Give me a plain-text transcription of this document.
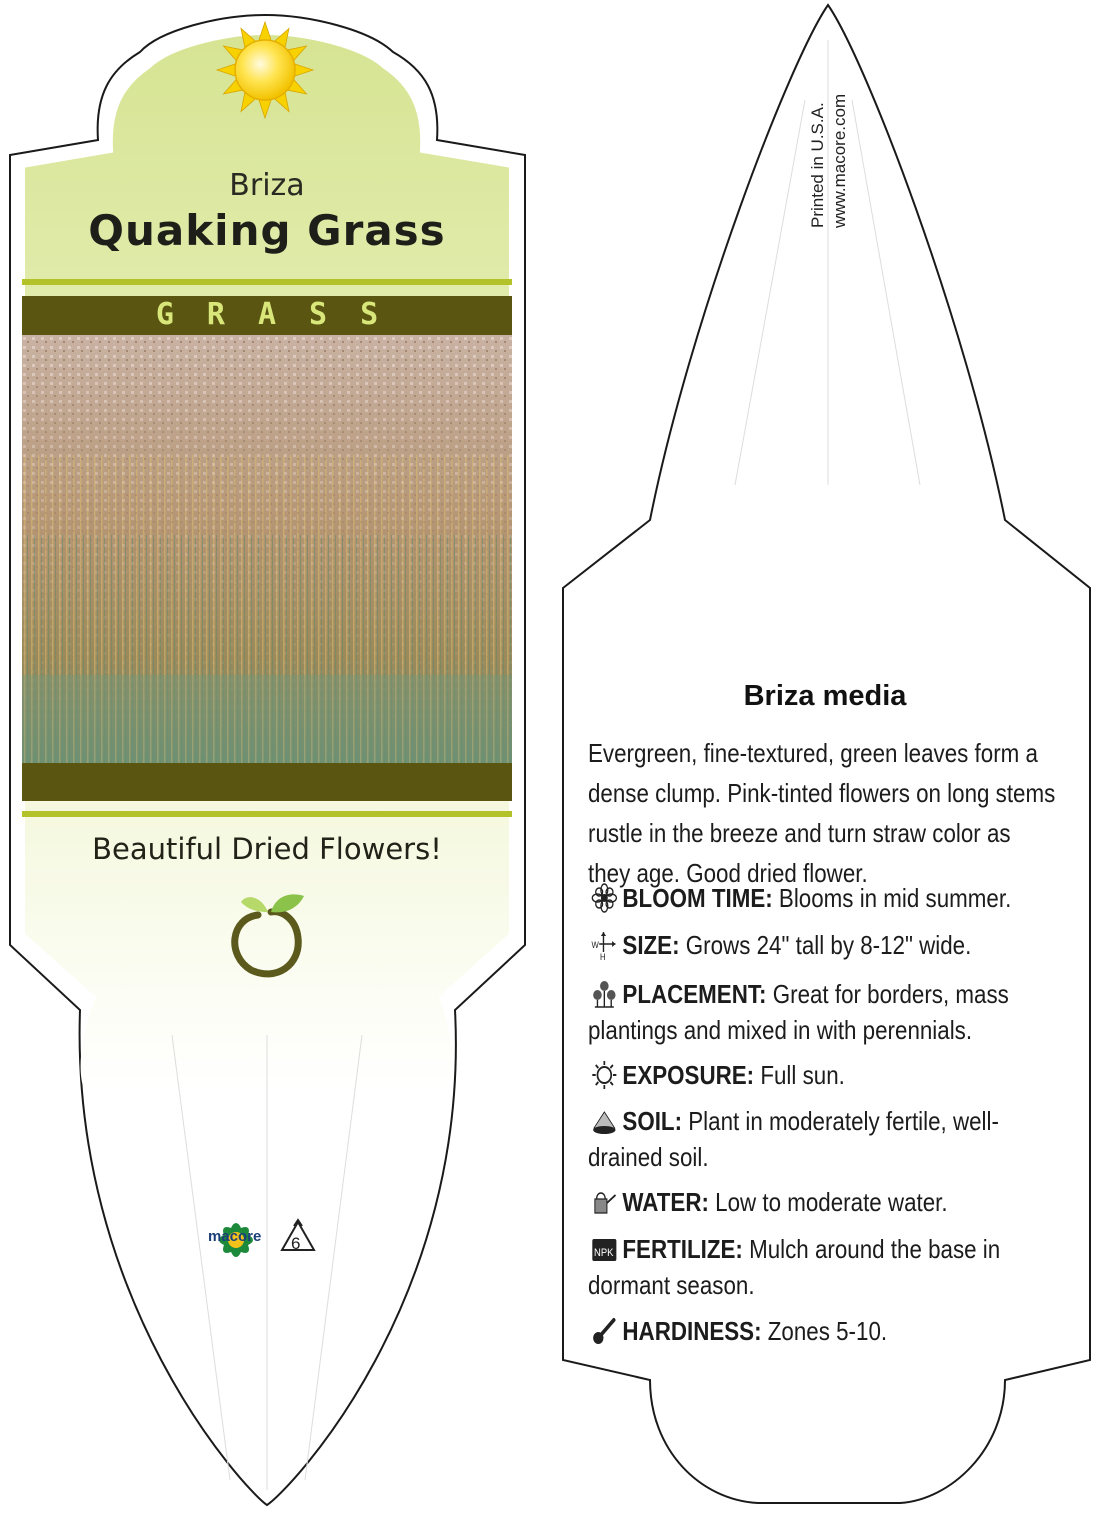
Briza
Quaking Grass
GRASS
Beautiful Dried Flowers!
macore 6
Printed in U.S.A. www.macore.com
Briza media
Evergreen, fine-textured, green leaves form a dense clump. Pink-tinted flowers on long stems rustle in the breeze and turn straw color as they age. Good dried flower.
BLOOM TIME: Blooms in mid summer.
W
H SIZE: Grows 24" tall by 8-12" wide.
PLACEMENT: Great for borders, mass plantings and mixed in with perennials.
EXPOSURE: Full sun.
SOIL: Plant in moderately fertile, well-drained soil.
WATER: Low to moderate water.
NPK FERTILIZE: Mulch around the base in dormant season.
HARDINESS: Zones 5-10.
